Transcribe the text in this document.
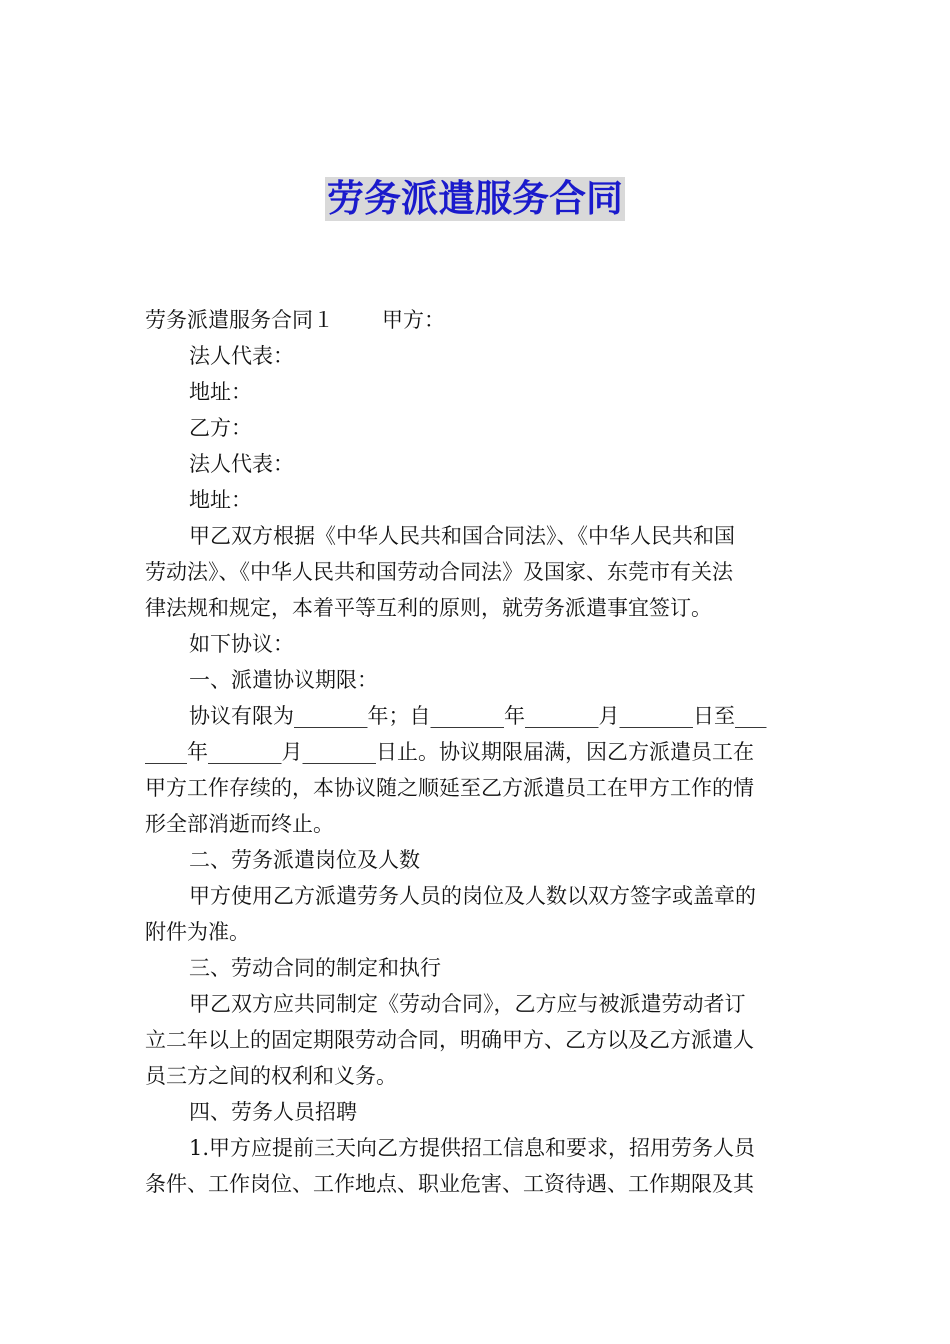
劳务派遣服务合同
劳务派遣服务合同１ 甲方：
法人代表：
地址：
乙方：
法人代表：
地址：
甲乙双方根据《中华人民共和国合同法》、《中华人民共和国
劳动法》、《中华人民共和国劳动合同法》及国家、东莞市有关法
律法规和规定，本着平等互利的原则，就劳务派遣事宜签订。
如下协议：
一、派遣协议期限：
协议有限为_______年；自_______年_______月_______日至___
____年_______月_______日止。协议期限届满，因乙方派遣员工在
甲方工作存续的，本协议随之顺延至乙方派遣员工在甲方工作的情
形全部消逝而终止。
二、劳务派遣岗位及人数
甲方使用乙方派遣劳务人员的岗位及人数以双方签字或盖章的
附件为准。
三、劳动合同的制定和执行
甲乙双方应共同制定《劳动合同》，乙方应与被派遣劳动者订
立二年以上的固定期限劳动合同，明确甲方、乙方以及乙方派遣人
员三方之间的权利和义务。
四、劳务人员招聘
1.甲方应提前三天向乙方提供招工信息和要求，招用劳务人员
条件、工作岗位、工作地点、职业危害、工资待遇、工作期限及其
